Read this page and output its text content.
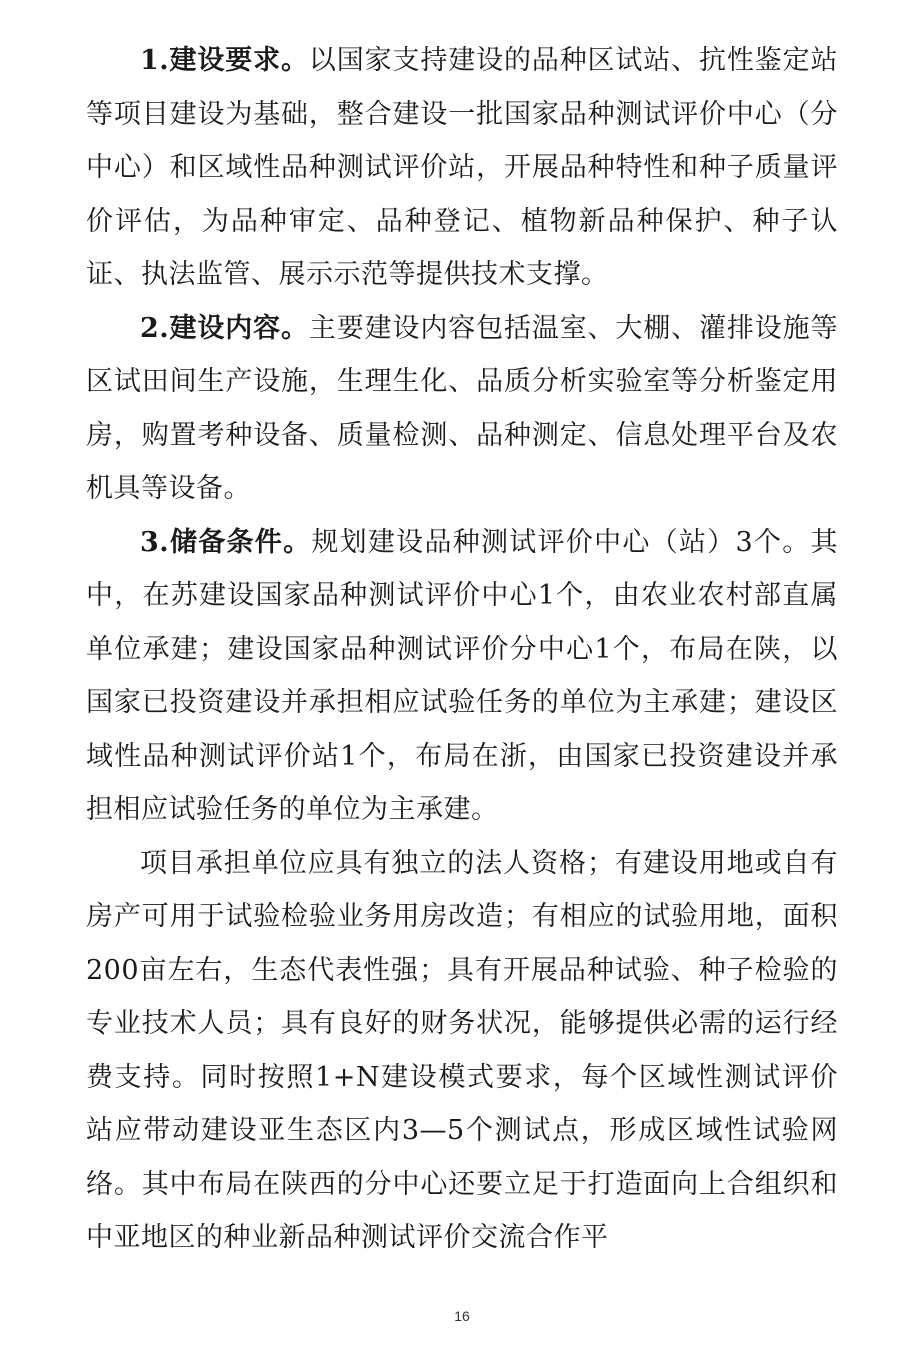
1.建设要求。以国家支持建设的品种区试站、抗性鉴定站等项目建设为基础，整合建设一批国家品种测试评价中心（分中心）和区域性品种测试评价站，开展品种特性和种子质量评价评估，为品种审定、品种登记、植物新品种保护、种子认证、执法监管、展示示范等提供技术支撑。

2.建设内容。主要建设内容包括温室、大棚、灌排设施等区试田间生产设施，生理生化、品质分析实验室等分析鉴定用房，购置考种设备、质量检测、品种测定、信息处理平台及农机具等设备。

3.储备条件。规划建设品种测试评价中心（站）3个。其中，在苏建设国家品种测试评价中心1个，由农业农村部直属单位承建；建设国家品种测试评价分中心1个，布局在陕，以国家已投资建设并承担相应试验任务的单位为主承建；建设区域性品种测试评价站1个，布局在浙，由国家已投资建设并承担相应试验任务的单位为主承建。

项目承担单位应具有独立的法人资格；有建设用地或自有房产可用于试验检验业务用房改造；有相应的试验用地，面积200亩左右，生态代表性强；具有开展品种试验、种子检验的专业技术人员；具有良好的财务状况，能够提供必需的运行经费支持。同时按照1+N建设模式要求，每个区域性测试评价站应带动建设亚生态区内3—5个测试点，形成区域性试验网络。其中布局在陕西的分中心还要立足于打造面向上合组织和中亚地区的种业新品种测试评价交流合作平

16
